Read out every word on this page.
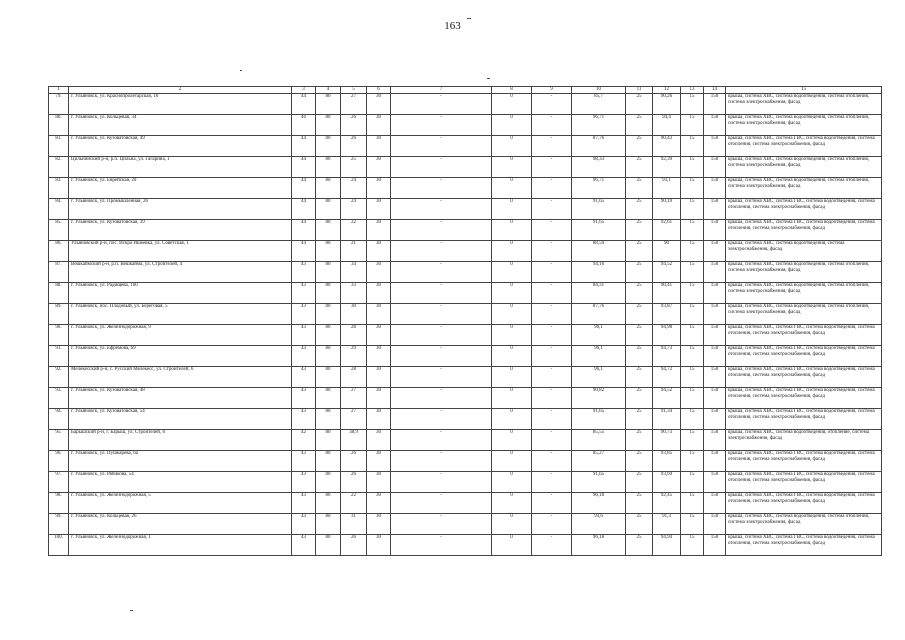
163
1	2	3	4	5	6	7	8	9	10	11	12	13	14	15
79.	г. Ульяновск, ул. Краснопролетарская, 16	44	80	27	30	-	0	-	85,7	25	90,26	15	150	крыша, система ХВС, система водоотведения, система отопления, система электроснабжения, фасад
80.	г. Ульяновск, ул. Кольцевая, 34	46	80	26	30	-	0	-	96,71	25	94,4	15	150	крыша, система ХВС, система водоотведения, система отопления, система электроснабжения, фасад
81.	г. Ульяновск, ул. Кузоватовская, 49	44	80	26	30	-	0	-	87,76	25	90,43	15	150	крыша, система ХВС, система ГВС, система водоотведения, система отопления, система электроснабжения, фасад
82.	Цильнинский р-н, р.п. Цильна, ул. Гагарина, 1	44	80	25	30	-	0	-	98,33	25	92,39	15	150	крыша, система ХВС, система водоотведения, система отопления, система электроснабжения, фасад
83.	г. Ульяновск, ул. Еврейская, 20	44	80	24	30	-	0	-	96,71	25	93,1	15	150	крыша, система ХВС, система водоотведения, система отопления, система электроснабжения, фасад
84.	г. Ульяновск, ул. Промышленная, 26	44	80	24	30	-	0	-	91,65	25	90,19	15	150	крыша, система ХВС, система ГВС, система водоотведения, система отопления, система электроснабжения, фасад
85.	г. Ульяновск, ул. Кузоватовская, 39	44	80	22	30	-	0	-	91,65	25	92,61	15	150	крыша, система ХВС, система ГВС, система водоотведения, система отопления, система электроснабжения, фасад
86.	Ульяновский р-н, пос. Искра Ишеевка, ул. Советская, 1	44	80	21	30	-	0	-	88,59	25	90	15	150	крыша, система ХВС, система водоотведения, система электроснабжения, фасад
87.	Вешкаймский р-н, р.п. Вешкайма, ул. Строителей, 4	43	80	34	30	-	0	-	94,16	25	94,52	15	150	крыша, система ХВС, система водоотведения, система отопления, система электроснабжения, фасад
88.	г. Ульяновск, ул. Радищева, 160	43	80	33	30	-	0	-	84,31	25	90,41	15	150	крыша, система ХВС, система водоотведения, система отопления, система электроснабжения, фасад
89.	г. Ульяновск, пос. Плодовый, ул. Береговая, 5	43	80	30	30	-	0	-	87,76	25	93,87	15	150	крыша, система ХВС, система водоотведения, система отопления, система электроснабжения, фасад
90.	г. Ульяновск, ул. Железнодорожная, 9	43	80	28	30	-	0	-	96,1	25	94,98	15	150	крыша, система ХВС, система ГВС, система водоотведения, система отопления, система электроснабжения, фасад
91.	г. Ульяновск, ул. Ефремова, 69	43	80	29	30	-	0	-	96,1	25	94,73	15	150	крыша, система ХВС, система ГВС, система водоотведения, система отопления, система электроснабжения, фасад
92.	Мелекесский р-н, с. Русский Мелекесс, ул. Строителей, 6	43	80	28	30	-	0	-	96,1	25	94,72	15	150	крыша, система ХВС, система ГВС, система водоотведения, система отопления, система электроснабжения, фасад
93.	г. Ульяновск, ул. Кузоватовская, 48	43	80	27	30	-	0	-	90,82	25	94,52	15	150	крыша, система ХВС, система ГВС, система водоотведения, система отопления, система электроснабжения, фасад
94.	г. Ульяновск, ул. Кузоватовская, 54	43	80	27	30	-	0	-	91,65	25	91,34	15	150	крыша, система ХВС, система ГВС, система водоотведения, система отопления, система электроснабжения, фасад
95.	Барышский р-н, г. Барыш, ул. Строителей, 8	42	80	38,9	30	-	0	-	85,55	25	90,73	15	150	крыша, система ХВС, система водоотведения, отопление, система электроснабжения, фасад
96.	г. Ульяновск, ул. Пушкарёва, 6а	43	80	26	30	-	0	-	85,27	25	93,85	15	150	крыша, система ХВС, система ГВС, система водоотведения, система отопления, система электроснабжения, фасад
97.	г. Ульяновск, ул. Рябикова, 54	43	80	26	30	-	0	-	91,65	25	93,69	15	150	крыша, система ХВС, система ГВС, система водоотведения, система отопления, система электроснабжения, фасад
98.	г. Ульяновск, ул. Железнодорожная, 5	43	80	22	30	-	0	-	96,18	25	92,45	15	150	крыша, система ХВС, система ГВС, система водоотведения, система отопления, система электроснабжения, фасад
99.	г. Ульяновск, ул. Кольцевая, 26	43	80	31	30	-	0	-	93,6	25	91,3	15	150	крыша, система ХВС, система водоотведения, система отопления, система электроснабжения, фасад
100.	г. Ульяновск, ул. Железнодорожная, 1	43	80	26	30	-	0	-	96,18	25	94,94	15	150	крыша, система ХВС, система ГВС, система водоотведения, система отопления, система электроснабжения, фасад
